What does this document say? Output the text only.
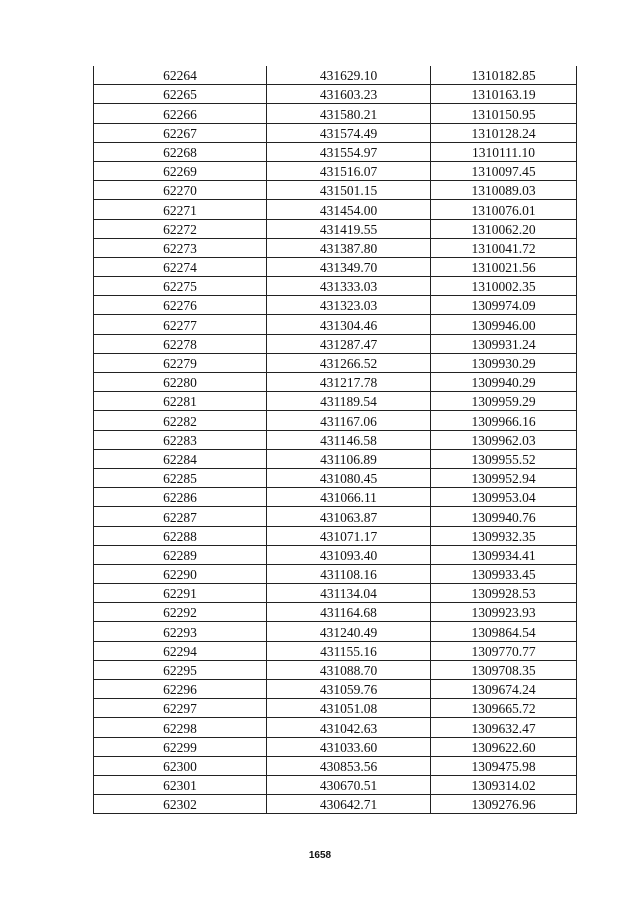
62264	431629.10	1310182.85
62265	431603.23	1310163.19
62266	431580.21	1310150.95
62267	431574.49	1310128.24
62268	431554.97	1310111.10
62269	431516.07	1310097.45
62270	431501.15	1310089.03
62271	431454.00	1310076.01
62272	431419.55	1310062.20
62273	431387.80	1310041.72
62274	431349.70	1310021.56
62275	431333.03	1310002.35
62276	431323.03	1309974.09
62277	431304.46	1309946.00
62278	431287.47	1309931.24
62279	431266.52	1309930.29
62280	431217.78	1309940.29
62281	431189.54	1309959.29
62282	431167.06	1309966.16
62283	431146.58	1309962.03
62284	431106.89	1309955.52
62285	431080.45	1309952.94
62286	431066.11	1309953.04
62287	431063.87	1309940.76
62288	431071.17	1309932.35
62289	431093.40	1309934.41
62290	431108.16	1309933.45
62291	431134.04	1309928.53
62292	431164.68	1309923.93
62293	431240.49	1309864.54
62294	431155.16	1309770.77
62295	431088.70	1309708.35
62296	431059.76	1309674.24
62297	431051.08	1309665.72
62298	431042.63	1309632.47
62299	431033.60	1309622.60
62300	430853.56	1309475.98
62301	430670.51	1309314.02
62302	430642.71	1309276.96
1658
